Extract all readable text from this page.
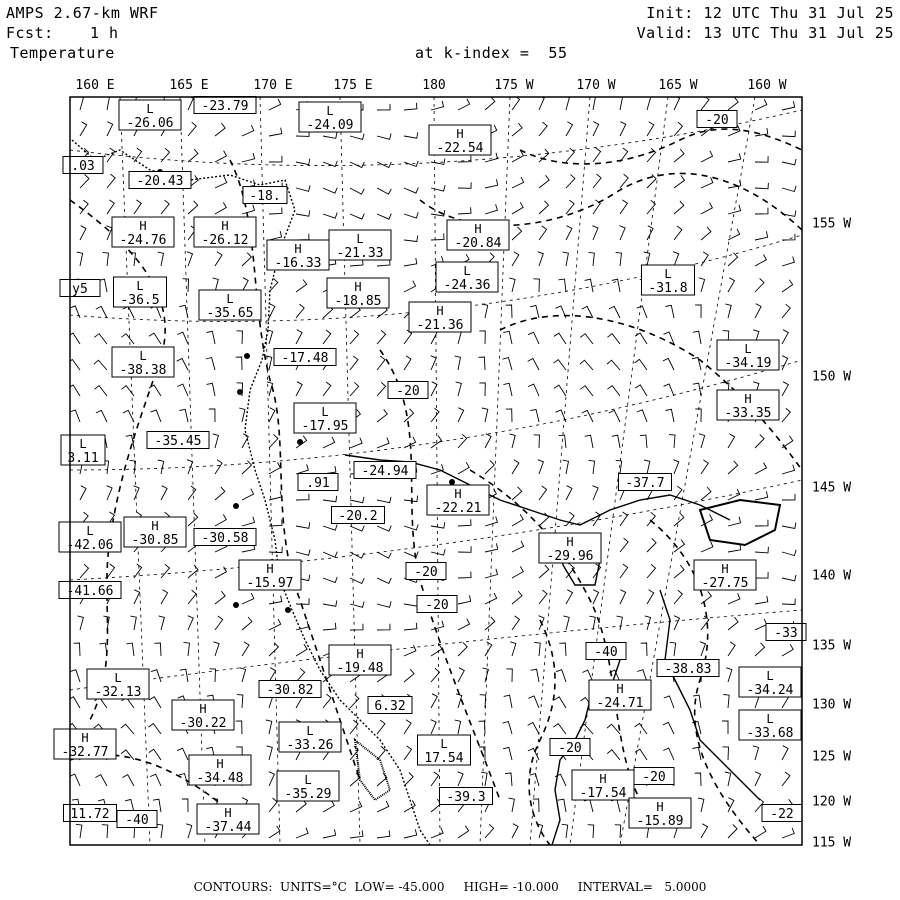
AMPS 2.67-km WRF
Fcst: 1 h
Temperature	at k-index =  55
Init: 12 UTC Thu 31 Jul 25
Valid: 13 UTC Thu 31 Jul 25
160 E	165 E	170 E	175 E	180	175 W	170 W	165 W	160 W
155 W
150 W
145 W
140 W
135 W
130 W
125 W
120 W
115 W
L
-26.06
-23.79	L
-24.09
H
-22.54
-20
.03
-20.43
-18.
H
-24.76
H
-26.12
H
-16.33
L
-21.33
H
-20.84
y5	L
-36.5	L
-35.65
H
-18.85
L
-24.36
H
-21.36
L
-31.8
L
-38.38
-17.48
L
-34.19
-20	H
-33.35
L
-17.95
L
3.11
-35.45
-24.94
H
-22.21
-37.7
.91
L
-42.06
H
-30.85 -30.58
-20.2
H
-29.96
H
-27.75
H
-15.97
-20
-20
-41.66
-33
-40
H
-19.48	-38.83
L
-32.13	-30.82
L
-34.24
H
-24.71
H
-30.22
6.32
L
-33.68
L
-33.26
H
-32.77
L
17.54
-20
H
-34.48	H
-17.54
-20
L
-35.29	-39.3
11.72 -40	H
-37.44
H
-15.89	-22
CONTOURS:  UNITS=°C  LOW= -45.000     HIGH= -10.000     INTERVAL=   5.0000
